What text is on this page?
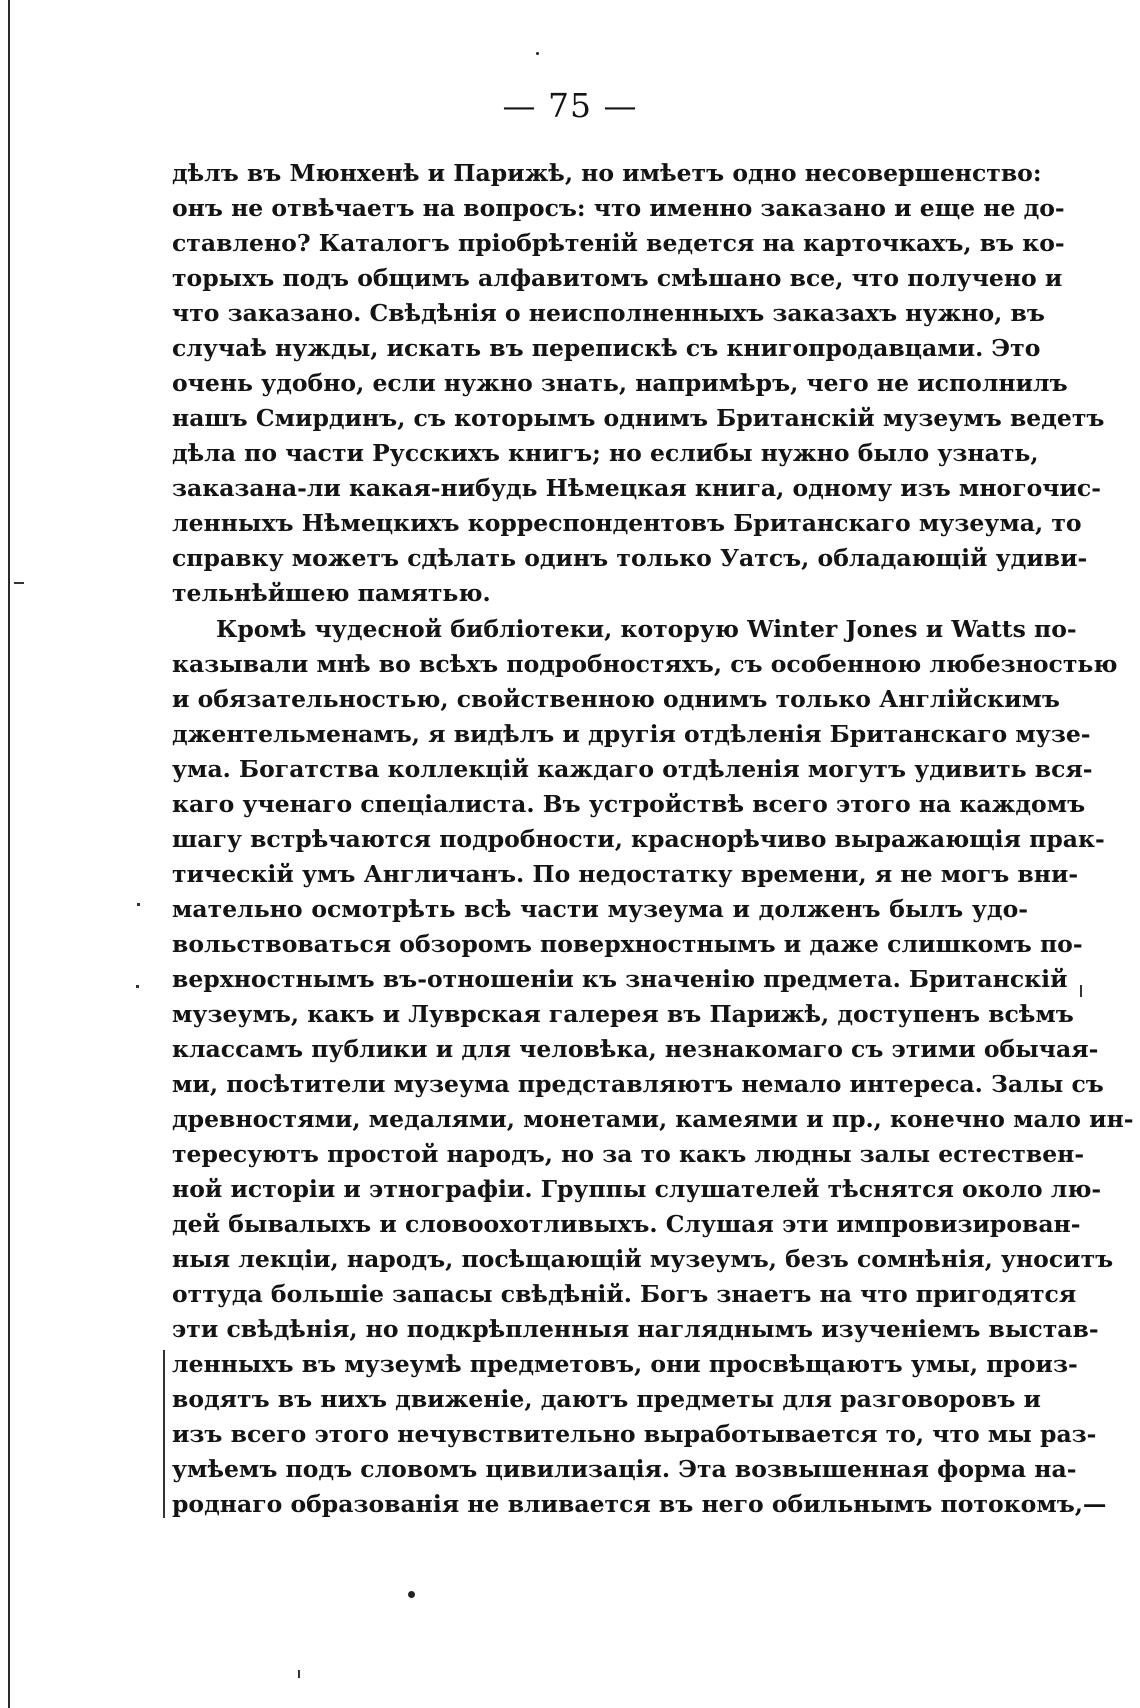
— 75 —
дѣлъ въ Мюнхенѣ и Парижѣ, но имѣетъ одно несовершенство:
онъ не отвѣчаетъ на вопросъ: что именно заказано и еще не до-
ставлено? Каталогъ пріобрѣтеній ведется на карточкахъ, въ ко-
торыхъ подъ общимъ алфавитомъ смѣшано все, что получено и
что заказано. Свѣдѣнія о неисполненныхъ заказахъ нужно, въ
случаѣ нужды, искать въ перепискѣ съ книгопродавцами. Это
очень удобно, если нужно знать, напримѣръ, чего не исполнилъ
нашъ Смирдинъ, съ которымъ однимъ Британскій музеумъ ведетъ
дѣла по части Русскихъ книгъ; но еслибы нужно было узнать,
заказана-ли какая-нибудь Нѣмецкая книга, одному изъ многочис-
ленныхъ Нѣмецкихъ корреспондентовъ Британскаго музеума, то
справку можетъ сдѣлать одинъ только Уатсъ, обладающій удиви-
тельнѣйшею памятью.
Кромѣ чудесной библіотеки, которую Winter Jones и Watts по-
казывали мнѣ во всѣхъ подробностяхъ, съ особенною любезностью
и обязательностью, свойственною однимъ только Англійскимъ
джентельменамъ, я видѣлъ и другія отдѣленія Британскаго музе-
ума. Богатства коллекцій каждаго отдѣленія могутъ удивить вся-
каго ученаго спеціалиста. Въ устройствѣ всего этого на каждомъ
шагу встрѣчаются подробности, краснорѣчиво выражающія прак-
тическій умъ Англичанъ. По недостатку времени, я не могъ вни-
мательно осмотрѣть всѣ части музеума и долженъ былъ удо-
вольствоваться обзоромъ поверхностнымъ и даже слишкомъ по-
верхностнымъ въ-отношеніи къ значенію предмета. Британскій
музеумъ, какъ и Луврская галерея въ Парижѣ, доступенъ всѣмъ
классамъ публики и для человѣка, незнакомаго съ этими обычая-
ми, посѣтители музеума представляютъ немало интереса. Залы съ
древностями, медалями, монетами, камеями и пр., конечно мало ин-
тересуютъ простой народъ, но за то какъ людны залы естествен-
ной исторіи и этнографіи. Группы слушателей тѣснятся около лю-
дей бывалыхъ и словоохотливыхъ. Слушая эти импровизирован-
ныя лекціи, народъ, посѣщающій музеумъ, безъ сомнѣнія, уноситъ
оттуда большіе запасы свѣдѣній. Богъ знаетъ на что пригодятся
эти свѣдѣнія, но подкрѣпленныя нагляднымъ изученіемъ выстав-
ленныхъ въ музеумѣ предметовъ, они просвѣщаютъ умы, произ-
водятъ въ нихъ движеніе, даютъ предметы для разговоровъ и
изъ всего этого нечувствительно выработывается то, что мы раз-
умѣемъ подъ словомъ цивилизація. Эта возвышенная форма на-
роднаго образованія не вливается въ него обильнымъ потокомъ,—
